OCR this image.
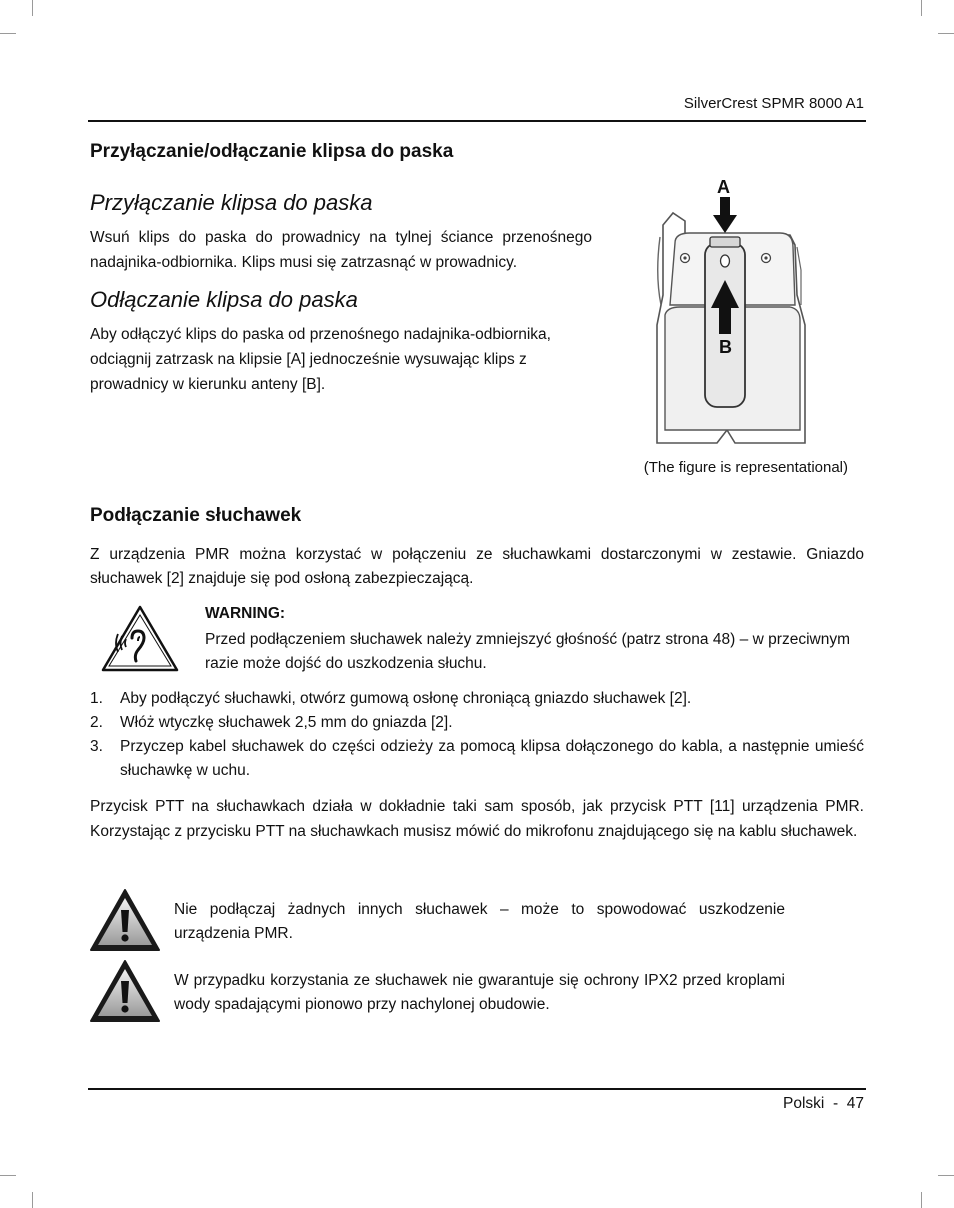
SilverCrest SPMR 8000 A1
Przyłączanie/odłączanie klipsa do paska
Przyłączanie klipsa do paska

Wsuń klips do paska do prowadnicy na tylnej ściance przenośnego nadajnika-odbiornika. Klips musi się zatrzasnąć w prowadnicy.

Odłączanie klipsa do paska

Aby odłączyć klips do paska od przenośnego nadajnika-odbiornika, odciągnij zatrzask na klipsie [A] jednocześnie wysuwając klips z prowadnicy w kierunku anteny [B].

A
B
(The figure is representational)
Podłączanie słuchawek

Z urządzenia PMR można korzystać w połączeniu ze słuchawkami dostarczonymi w zestawie. Gniazdo słuchawek [2] znajduje się pod osłoną zabezpieczającą.

WARNING:

Przed podłączeniem słuchawek należy zmniejszyć głośność (patrz strona 48) – w przeciwnym razie może dojść do uszkodzenia słuchu.

1. Aby podłączyć słuchawki, otwórz gumową osłonę chroniącą gniazdo słuchawek [2].
2. Włóż wtyczkę słuchawek 2,5 mm do gniazda [2].
3. Przyczep kabel słuchawek do części odzieży za pomocą klipsa dołączonego do kabla, a następnie umieść słuchawkę w uchu.

Przycisk PTT na słuchawkach działa w dokładnie taki sam sposób, jak przycisk PTT [11] urządzenia PMR. Korzystając z przycisku PTT na słuchawkach musisz mówić do mikrofonu znajdującego się na kablu słuchawek.

Nie podłączaj żadnych innych słuchawek – może to spowodować uszkodzenie urządzenia PMR.

W przypadku korzystania ze słuchawek nie gwarantuje się ochrony IPX2 przed kroplami wody spadającymi pionowo przy nachylonej obudowie.

Polski  -  47
